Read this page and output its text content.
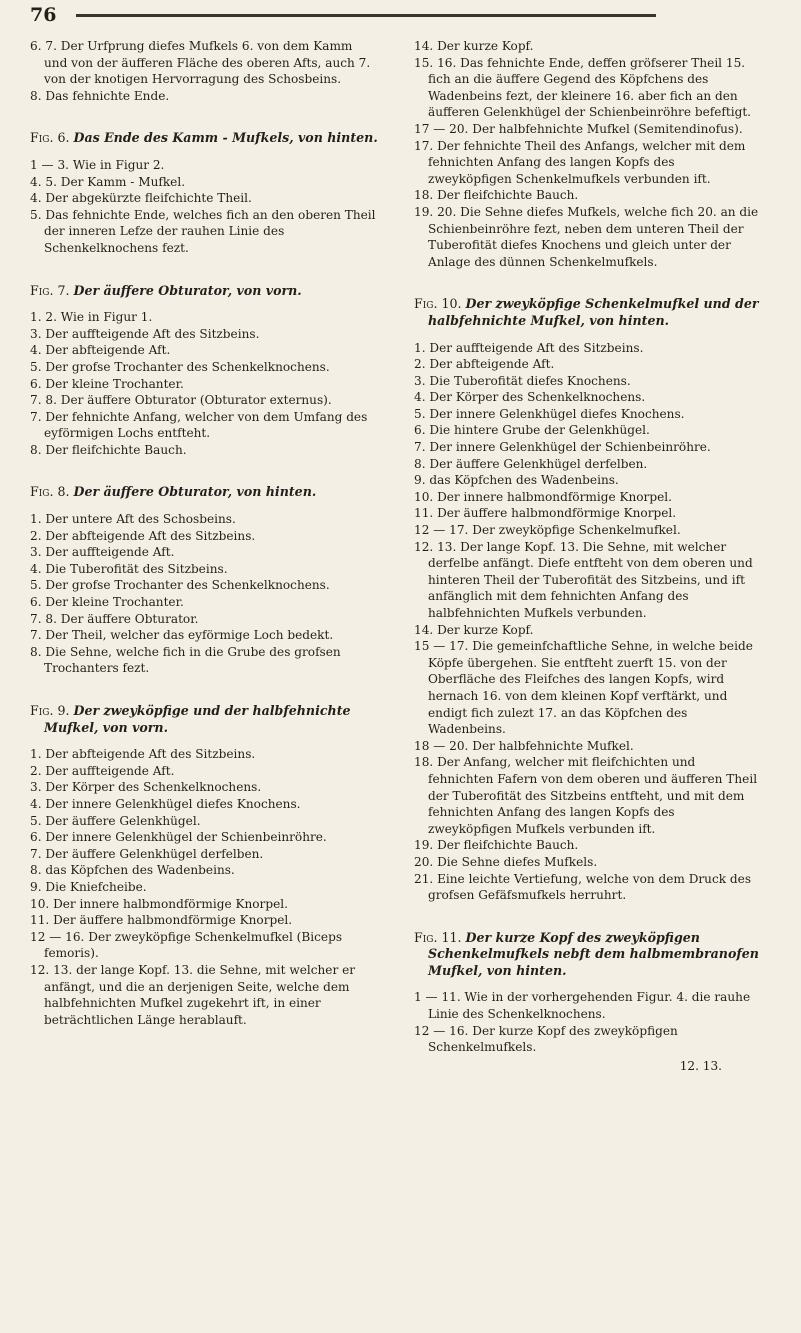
76

6. 7. Der Urfprung diefes Mufkels 6. von dem Kamm und von der äufferen Fläche des oberen Afts, auch 7. von der knotigen Hervorragung des Schosbeins.

8. Das fehnichte Ende.

Fig. 6. Das Ende des Kamm - Mufkels, von hinten.

1 — 3. Wie in Figur 2.

4. 5. Der Kamm - Mufkel.

4. Der abgekürzte fleifchichte Theil.

5. Das fehnichte Ende, welches fich an den oberen Theil der inneren Lefze der rauhen Linie des Schenkelknochens fezt.

Fig. 7. Der äuffere Obturator, von vorn.

1. 2. Wie in Figur 1.

3. Der auffteigende Aft des Sitzbeins.

4. Der abfteigende Aft.

5. Der grofse Trochanter des Schenkelknochens.

6. Der kleine Trochanter.

7. 8. Der äuffere Obturator (Obturator externus).

7. Der fehnichte Anfang, welcher von dem Umfang des eyförmigen Lochs entfteht.

8. Der fleifchichte Bauch.

Fig. 8. Der äuffere Obturator, von hinten.

1. Der untere Aft des Schosbeins.

2. Der abfteigende Aft des Sitzbeins.

3. Der auffteigende Aft.

4. Die Tuberofität des Sitzbeins.

5. Der grofse Trochanter des Schenkelknochens.

6. Der kleine Trochanter.

7. 8. Der äuffere Obturator.

7. Der Theil, welcher das eyförmige Loch bedekt.

8. Die Sehne, welche fich in die Grube des grofsen Trochanters fezt.

Fig. 9. Der zweyköpfige und der halbfehnichte Mufkel, von vorn.

1. Der abfteigende Aft des Sitzbeins.

2. Der auffteigende Aft.

3. Der Körper des Schenkelknochens.

4. Der innere Gelenkhügel diefes Knochens.

5. Der äuffere Gelenkhügel.

6. Der innere Gelenkhügel der Schienbeinröhre.

7. Der äuffere Gelenkhügel derfelben.

8. das Köpfchen des Wadenbeins.

9. Die Kniefcheibe.

10. Der innere halbmondförmige Knorpel.

11. Der äuffere halbmondförmige Knorpel.

12 — 16. Der zweyköpfige Schenkelmufkel (Biceps femoris).

12. 13. der lange Kopf. 13. die Sehne, mit welcher er anfängt, und die an derjenigen Seite, welche dem halbfehnichten Mufkel zugekehrt ift, in einer beträchtlichen Länge herablauft.

14. Der kurze Kopf.

15. 16. Das fehnichte Ende, deffen gröfserer Theil 15. fich an die äuffere Gegend des Köpfchens des Wadenbeins fezt, der kleinere 16. aber fich an den äufferen Gelenkhügel der Schienbeinröhre befeftigt.

17 — 20. Der halbfehnichte Mufkel (Semitendinofus).

17. Der fehnichte Theil des Anfangs, welcher mit dem fehnichten Anfang des langen Kopfs des zweyköpfigen Schenkelmufkels verbunden ift.

18. Der fleifchichte Bauch.

19. 20. Die Sehne diefes Mufkels, welche fich 20. an die Schienbeinröhre fezt, neben dem unteren Theil der Tuberofität diefes Knochens und gleich unter der Anlage des dünnen Schenkelmufkels.

Fig. 10. Der zweyköpfige Schenkelmufkel und der halbfehnichte Mufkel, von hinten.

1. Der auffteigende Aft des Sitzbeins.

2. Der abfteigende Aft.

3. Die Tuberofität diefes Knochens.

4. Der Körper des Schenkelknochens.

5. Der innere Gelenkhügel diefes Knochens.

6. Die hintere Grube der Gelenkhügel.

7. Der innere Gelenkhügel der Schienbeinröhre.

8. Der äuffere Gelenkhügel derfelben.

9. das Köpfchen des Wadenbeins.

10. Der innere halbmondförmige Knorpel.

11. Der äuffere halbmondförmige Knorpel.

12 — 17. Der zweyköpfige Schenkelmufkel.

12. 13. Der lange Kopf. 13. Die Sehne, mit welcher derfelbe anfängt. Diefe entfteht von dem oberen und hinteren Theil der Tuberofität des Sitzbeins, und ift anfänglich mit dem fehnichten Anfang des halbfehnichten Mufkels verbunden.

14. Der kurze Kopf.

15 — 17. Die gemeinfchaftliche Sehne, in welche beide Köpfe übergehen. Sie entfteht zuerft 15. von der Oberfläche des Fleifches des langen Kopfs, wird hernach 16. von dem kleinen Kopf verftärkt, und endigt fich zulezt 17. an das Köpfchen des Wadenbeins.

18 — 20. Der halbfehnichte Mufkel.

18. Der Anfang, welcher mit fleifchichten und fehnichten Fafern von dem oberen und äufferen Theil der Tuberofität des Sitzbeins entfteht, und mit dem fehnichten Anfang des langen Kopfs des zweyköpfigen Mufkels verbunden ift.

19. Der fleifchichte Bauch.

20. Die Sehne diefes Mufkels.

21. Eine leichte Vertiefung, welche von dem Druck des grofsen Gefäfsmufkels herruhrt.

Fig. 11. Der kurze Kopf des zweyköpfigen Schenkelmufkels nebft dem halbmembranofen Mufkel, von hinten.

1 — 11. Wie in der vorhergehenden Figur. 4. die rauhe Linie des Schenkelknochens.

12 — 16. Der kurze Kopf des zweyköpfigen Schenkelmufkels.

12. 13.
